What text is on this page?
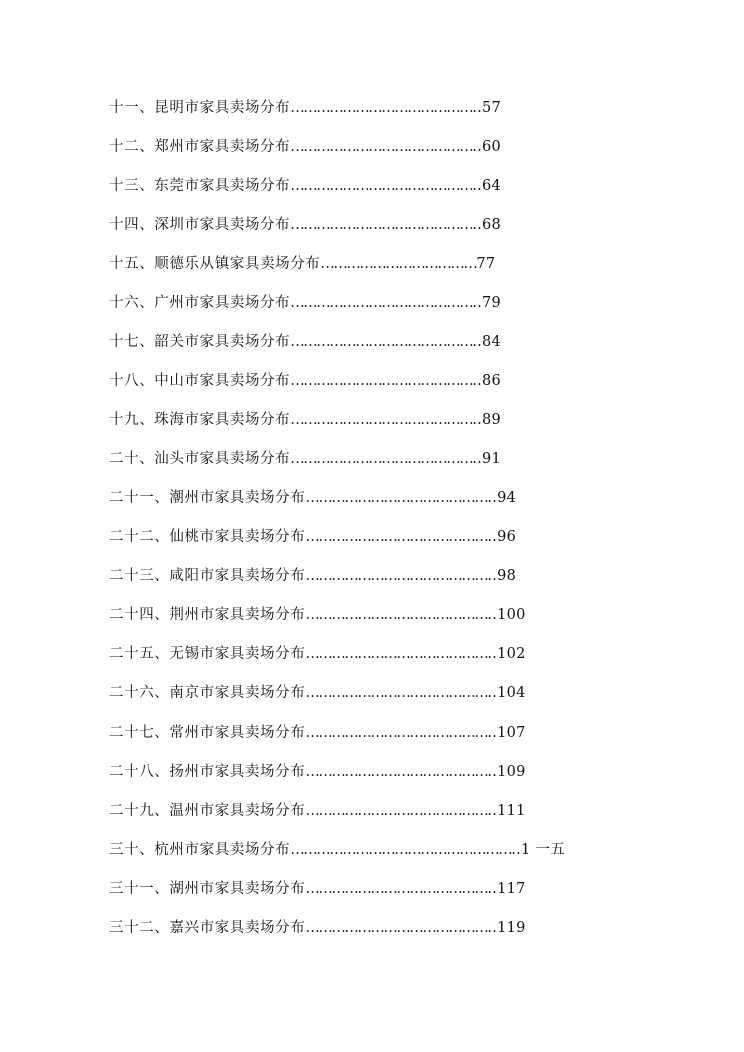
十一、昆明市家具卖场分布……………………………………..57
十二、郑州市家具卖场分布……………………………………..60
十三、东莞市家具卖场分布……………………………………..64
十四、深圳市家具卖场分布……………………………………..68
十五、顺德乐从镇家具卖场分布………………………………77
十六、广州市家具卖场分布……………………………………..79
十七、韶关市家具卖场分布……………………………………..84
十八、中山市家具卖场分布……………………………………..86
十九、珠海市家具卖场分布……………………………………..89
二十、汕头市家具卖场分布……………………………………..91
二十一、潮州市家具卖场分布……………………………………..94
二十二、仙桃市家具卖场分布……………………………………..96
二十三、咸阳市家具卖场分布……………………………………..98
二十四、荆州市家具卖场分布……………………………………..100
二十五、无锡市家具卖场分布……………………………………..102
二十六、南京市家具卖场分布……………………………………..104
二十七、常州市家具卖场分布……………………………………..107
二十八、扬州市家具卖场分布……………………………………..109
二十九、温州市家具卖场分布……………………………………..111
三十、杭州市家具卖场分布……………………………………………..1 一五
三十一、湖州市家具卖场分布……………………………………..117
三十二、嘉兴市家具卖场分布……………………………………..119
